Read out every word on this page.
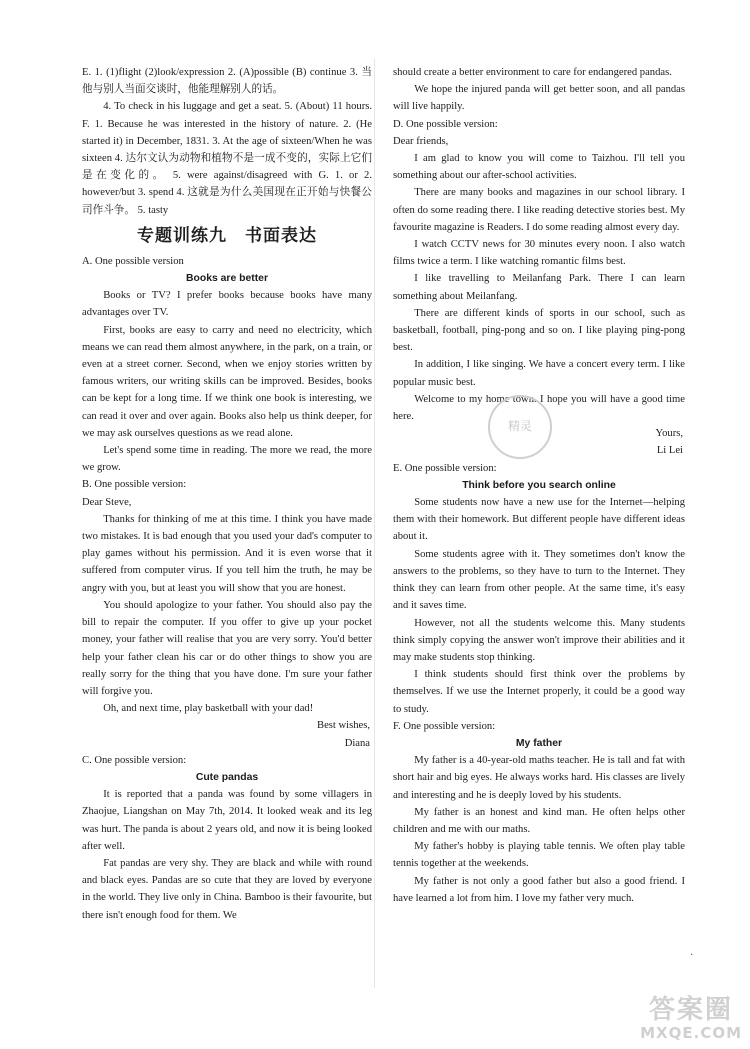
E. 1. (1)flight (2)look/expression 2. (A)possible (B) continue 3. 当他与别人当面交谈时，他能理解别人的话。

4. To check in his luggage and get a seat. 5. (About) 11 hours. F. 1. Because he was interested in the history of nature. 2. (He started it) in December, 1831. 3. At the age of sixteen/When he was sixteen 4. 达尔文认为动物和植物不是一成不变的，实际上它们是在变化的。 5. were against/disagreed with G. 1. or 2. however/but 3. spend 4. 这就是为什么美国现在正开始与快餐公司作斗争。 5. tasty

专题训练九　书面表达

A. One possible version

Books are better

Books or TV? I prefer books because books have many advantages over TV.

First, books are easy to carry and need no electricity, which means we can read them almost anywhere, in the park, on a train, or even at a street corner. Second, when we enjoy stories written by famous writers, our writing skills can be improved. Besides, books can be kept for a long time. If we think one book is interesting, we can read it over and over again. Books also help us think deeper, for we may ask ourselves questions as we read alone.

Let's spend some time in reading. The more we read, the more we grow.

B. One possible version:

Dear Steve,

Thanks for thinking of me at this time. I think you have made two mistakes. It is bad enough that you used your dad's computer to play games without his permission. And it is even worse that it suffered from computer virus. If you tell him the truth, he may be angry with you, but at least you will show that you are honest.

You should apologize to your father. You should also pay the bill to repair the computer. If you offer to give up your pocket money, your father will realise that you are very sorry. You'd better help your father clean his car or do other things to show you are really sorry for the thing that you have done. I'm sure your father will forgive you.

Oh, and next time, play basketball with your dad!

Best wishes,

Diana

C. One possible version:

Cute pandas

It is reported that a panda was found by some villagers in Zhaojue, Liangshan on May 7th, 2014. It looked weak and its leg was hurt. The panda is about 2 years old, and now it is being looked after well.

Fat pandas are very shy. They are black and while with round and black eyes. Pandas are so cute that they are loved by everyone in the world. They live only in China. Bamboo is their favourite, but there isn't enough food for them. We

should create a better environment to care for endangered pandas.

We hope the injured panda will get better soon, and all pandas will live happily.

D. One possible version:

Dear friends,

I am glad to know you will come to Taizhou. I'll tell you something about our after-school activities.

There are many books and magazines in our school library. I often do some reading there. I like reading detective stories best. My favourite magazine is Readers. I do some reading almost every day.

I watch CCTV news for 30 minutes every noon. I also watch films twice a term. I like watching romantic films best.

I like travelling to Meilanfang Park. There I can learn something about Meilanfang.

There are different kinds of sports in our school, such as basketball, football, ping-pong and so on. I like playing ping-pong best.

In addition, I like singing. We have a concert every term. I like popular music best.

Welcome to my home town. I hope you will have a good time here.

Yours,

Li Lei

E. One possible version:

Think before you search online

Some students now have a new use for the Internet—helping them with their homework. But different people have different ideas about it.

Some students agree with it. They sometimes don't know the answers to the problems, so they have to turn to the Internet. They think they can learn from other people. At the same time, it's easy and it saves time.

However, not all the students welcome this. Many students think simply copying the answer won't improve their abilities and it may make students stop thinking.

I think students should first think over the problems by themselves. If we use the Internet properly, it could be a good way to study.

F. One possible version:

My father

My father is a 40-year-old maths teacher. He is tall and fat with short hair and big eyes. He always works hard. His classes are lively and interesting and he is deeply loved by his students.

My father is an honest and kind man. He often helps other children and me with our maths.

My father's hobby is playing table tennis. We often play table tennis together at the weekends.

My father is not only a good father but also a good friend. I have learned a lot from him. I love my father very much.

精灵
·
答案圈
MXQE.COM
